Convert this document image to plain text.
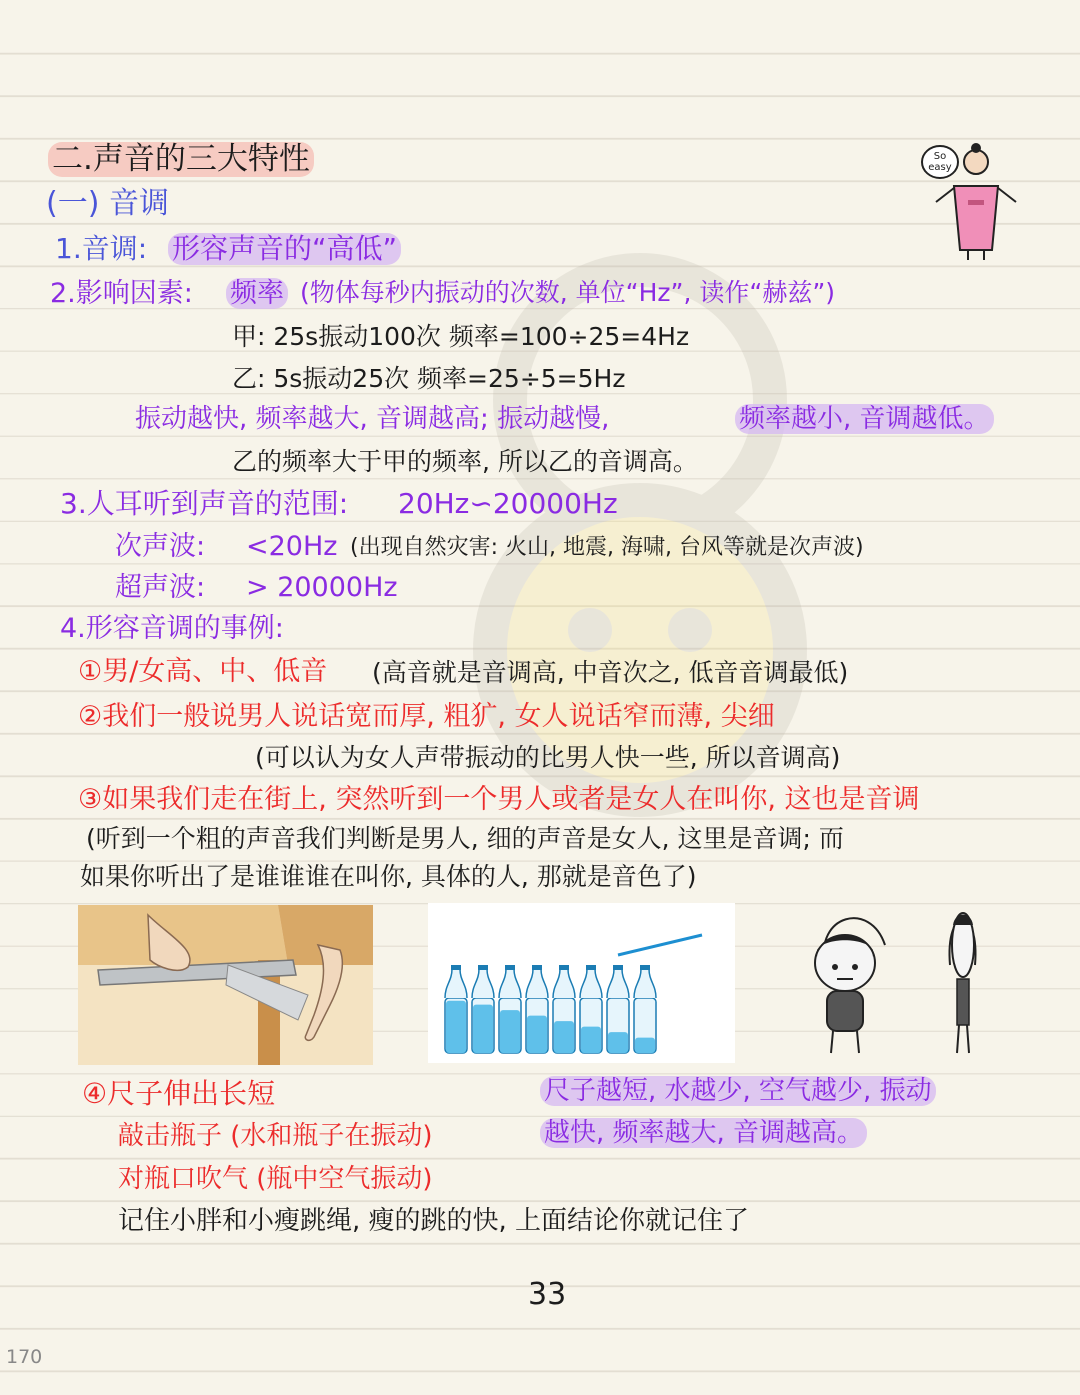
二.声音的三大特性
(一) 音调
So
easy
1.音调: 形容声音的“高低”
2.影响因素: 频率 (物体每秒内振动的次数, 单位“Hz”, 读作“赫兹”)
甲: 25s振动100次 频率=100÷25=4Hz
乙: 5s振动25次 频率=25÷5=5Hz
振动越快, 频率越大, 音调越高; 振动越慢,	频率越小, 音调越低。
乙的频率大于甲的频率, 所以乙的音调高。
3.人耳听到声音的范围: 20Hz∽20000Hz
次声波: <20Hz (出现自然灾害: 火山, 地震, 海啸, 台风等就是次声波)
超声波: > 20000Hz
4.形容音调的事例:
①男/女高、中、低音 (高音就是音调高, 中音次之, 低音音调最低)
②我们一般说男人说话宽而厚, 粗犷, 女人说话窄而薄, 尖细
(可以认为女人声带振动的比男人快一些, 所以音调高)
③如果我们走在街上, 突然听到一个男人或者是女人在叫你, 这也是音调
(听到一个粗的声音我们判断是男人, 细的声音是女人, 这里是音调; 而
如果你听出了是谁谁谁在叫你, 具体的人, 那就是音色了)
④尺子伸出长短
敲击瓶子 (水和瓶子在振动)
对瓶口吹气 (瓶中空气振动)
记住小胖和小瘦跳绳, 瘦的跳的快, 上面结论你就记住了
尺子越短, 水越少, 空气越少, 振动
越快, 频率越大, 音调越高。
33
170
